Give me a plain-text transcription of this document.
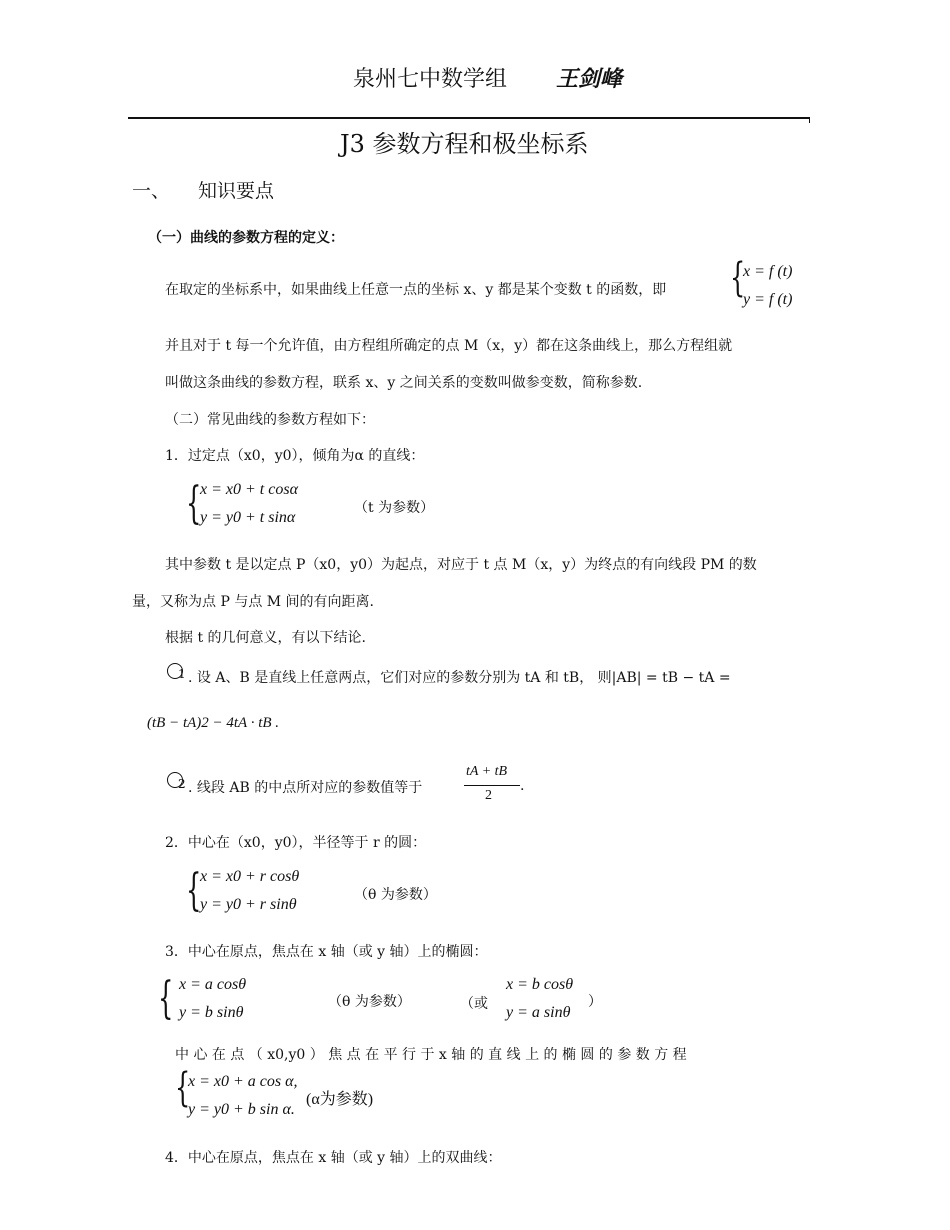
泉州七中数学组 王剑峰
J3 参数方程和极坐标系
一、 知识要点
（一）曲线的参数方程的定义：
在取定的坐标系中，如果曲线上任意一点的坐标 x、y 都是某个变数 t 的函数，即 {
x = f (t)
y = f (t)
并且对于 t 每一个允许值，由方程组所确定的点 M（x，y）都在这条曲线上，那么方程组就
叫做这条曲线的参数方程，联系 x、y 之间关系的变数叫做参变数，简称参数.
（二）常见曲线的参数方程如下：
1．过定点（x0，y0），倾角为α 的直线：
{
x = x0 + t cosα
y = y0 + t sinα
（t 为参数）
其中参数 t 是以定点 P（x0，y0）为起点，对应于 t 点 M（x，y）为终点的有向线段 PM 的数
量，又称为点 P 与点 M 间的有向距离.
根据 t 的几何意义，有以下结论.
1 . 设 A、B 是直线上任意两点，它们对应的参数分别为 tA 和 tB， 则|AB| = tB − tA =
(tB − tA)2 − 4tA · tB .
2 . 线段 AB 的中点所对应的参数值等于
tA + tB
2
.
2．中心在（x0，y0），半径等于 r 的圆：
{
x = x0 + r cosθ
y = y0 + r sinθ
（θ 为参数）
3．中心在原点，焦点在 x 轴（或 y 轴）上的椭圆：
{ x = a cosθ
y = b sinθ
（θ 为参数）	（或
x = b cosθ
y = a sinθ
）
中 心 在 点 （ x0,y0 ） 焦 点 在 平 行 于 x 轴 的 直 线 上 的 椭 圆 的 参 数 方 程
{
x = x0 + a cos α,
y = y0 + b sin α.
(α为参数)
4．中心在原点，焦点在 x 轴（或 y 轴）上的双曲线：
